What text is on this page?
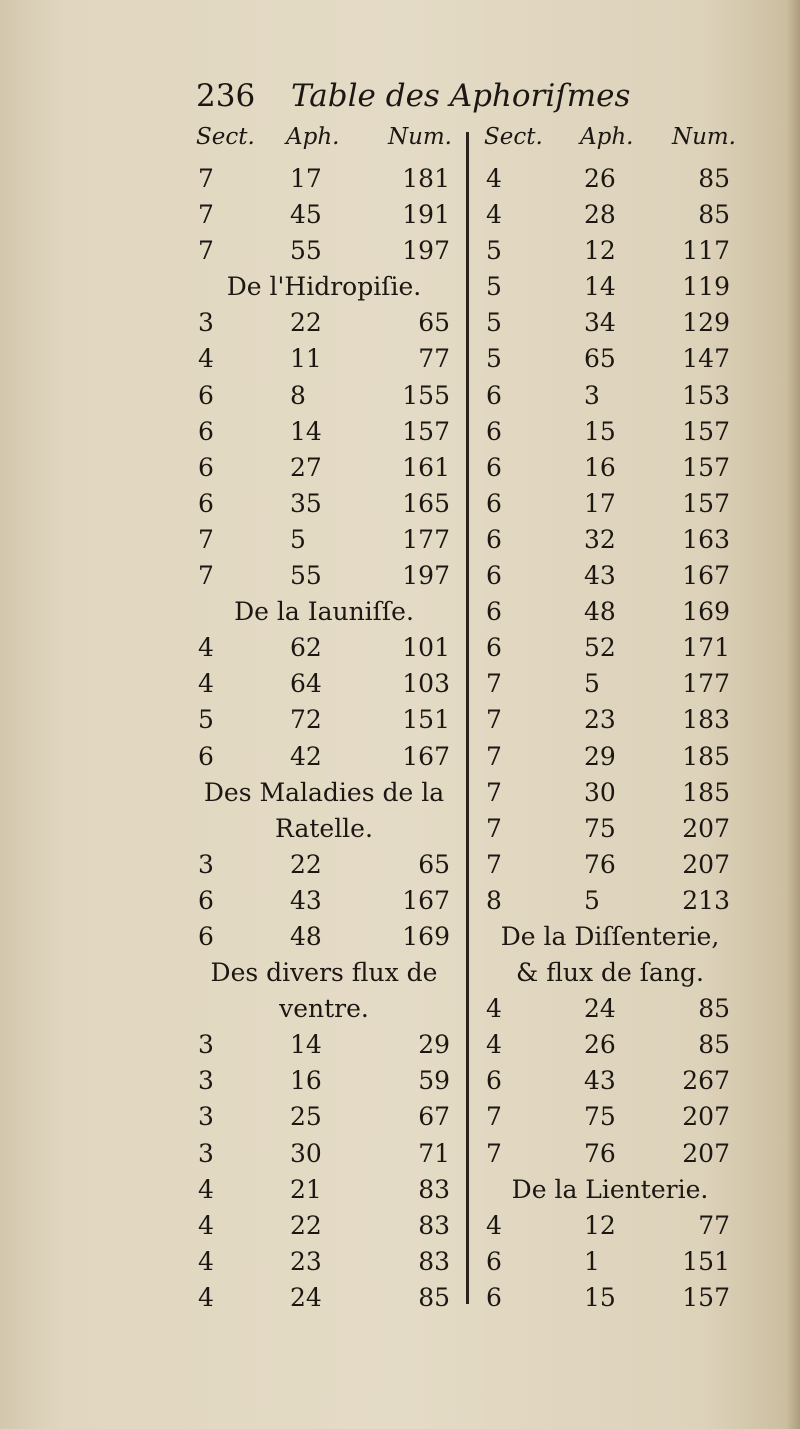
236 Table des Aphoriſmes
Sect. Aph. Num.
7	17	181
7	45	191
7	55	197
De l'Hidropiſie.
3	22	65
4	11	77
6	8	155
6	14	157
6	27	161
6	35	165
7	5	177
7	55	197
De la Iauniſſe.
4	62	101
4	64	103
5	72	151
6	42	167
Des Maladies de la
Ratelle.
3	22	65
6	43	167
6	48	169
Des divers flux de
ventre.
3	14	29
3	16	59
3	25	67
3	30	71
4	21	83
4	22	83
4	23	83
4	24	85
Sect. Aph. Num.
4	26	85
4	28	85
5	12	117
5	14	119
5	34	129
5	65	147
6	3	153
6	15	157
6	16	157
6	17	157
6	32	163
6	43	167
6	48	169
6	52	171
7	5	177
7	23	183
7	29	185
7	30	185
7	75	207
7	76	207
8	5	213
De la Diſſenterie,
& flux de ſang.
4	24	85
4	26	85
6	43	267
7	75	207
7	76	207
De la Lienterie.
4	12	77
6	1	151
6	15	157
